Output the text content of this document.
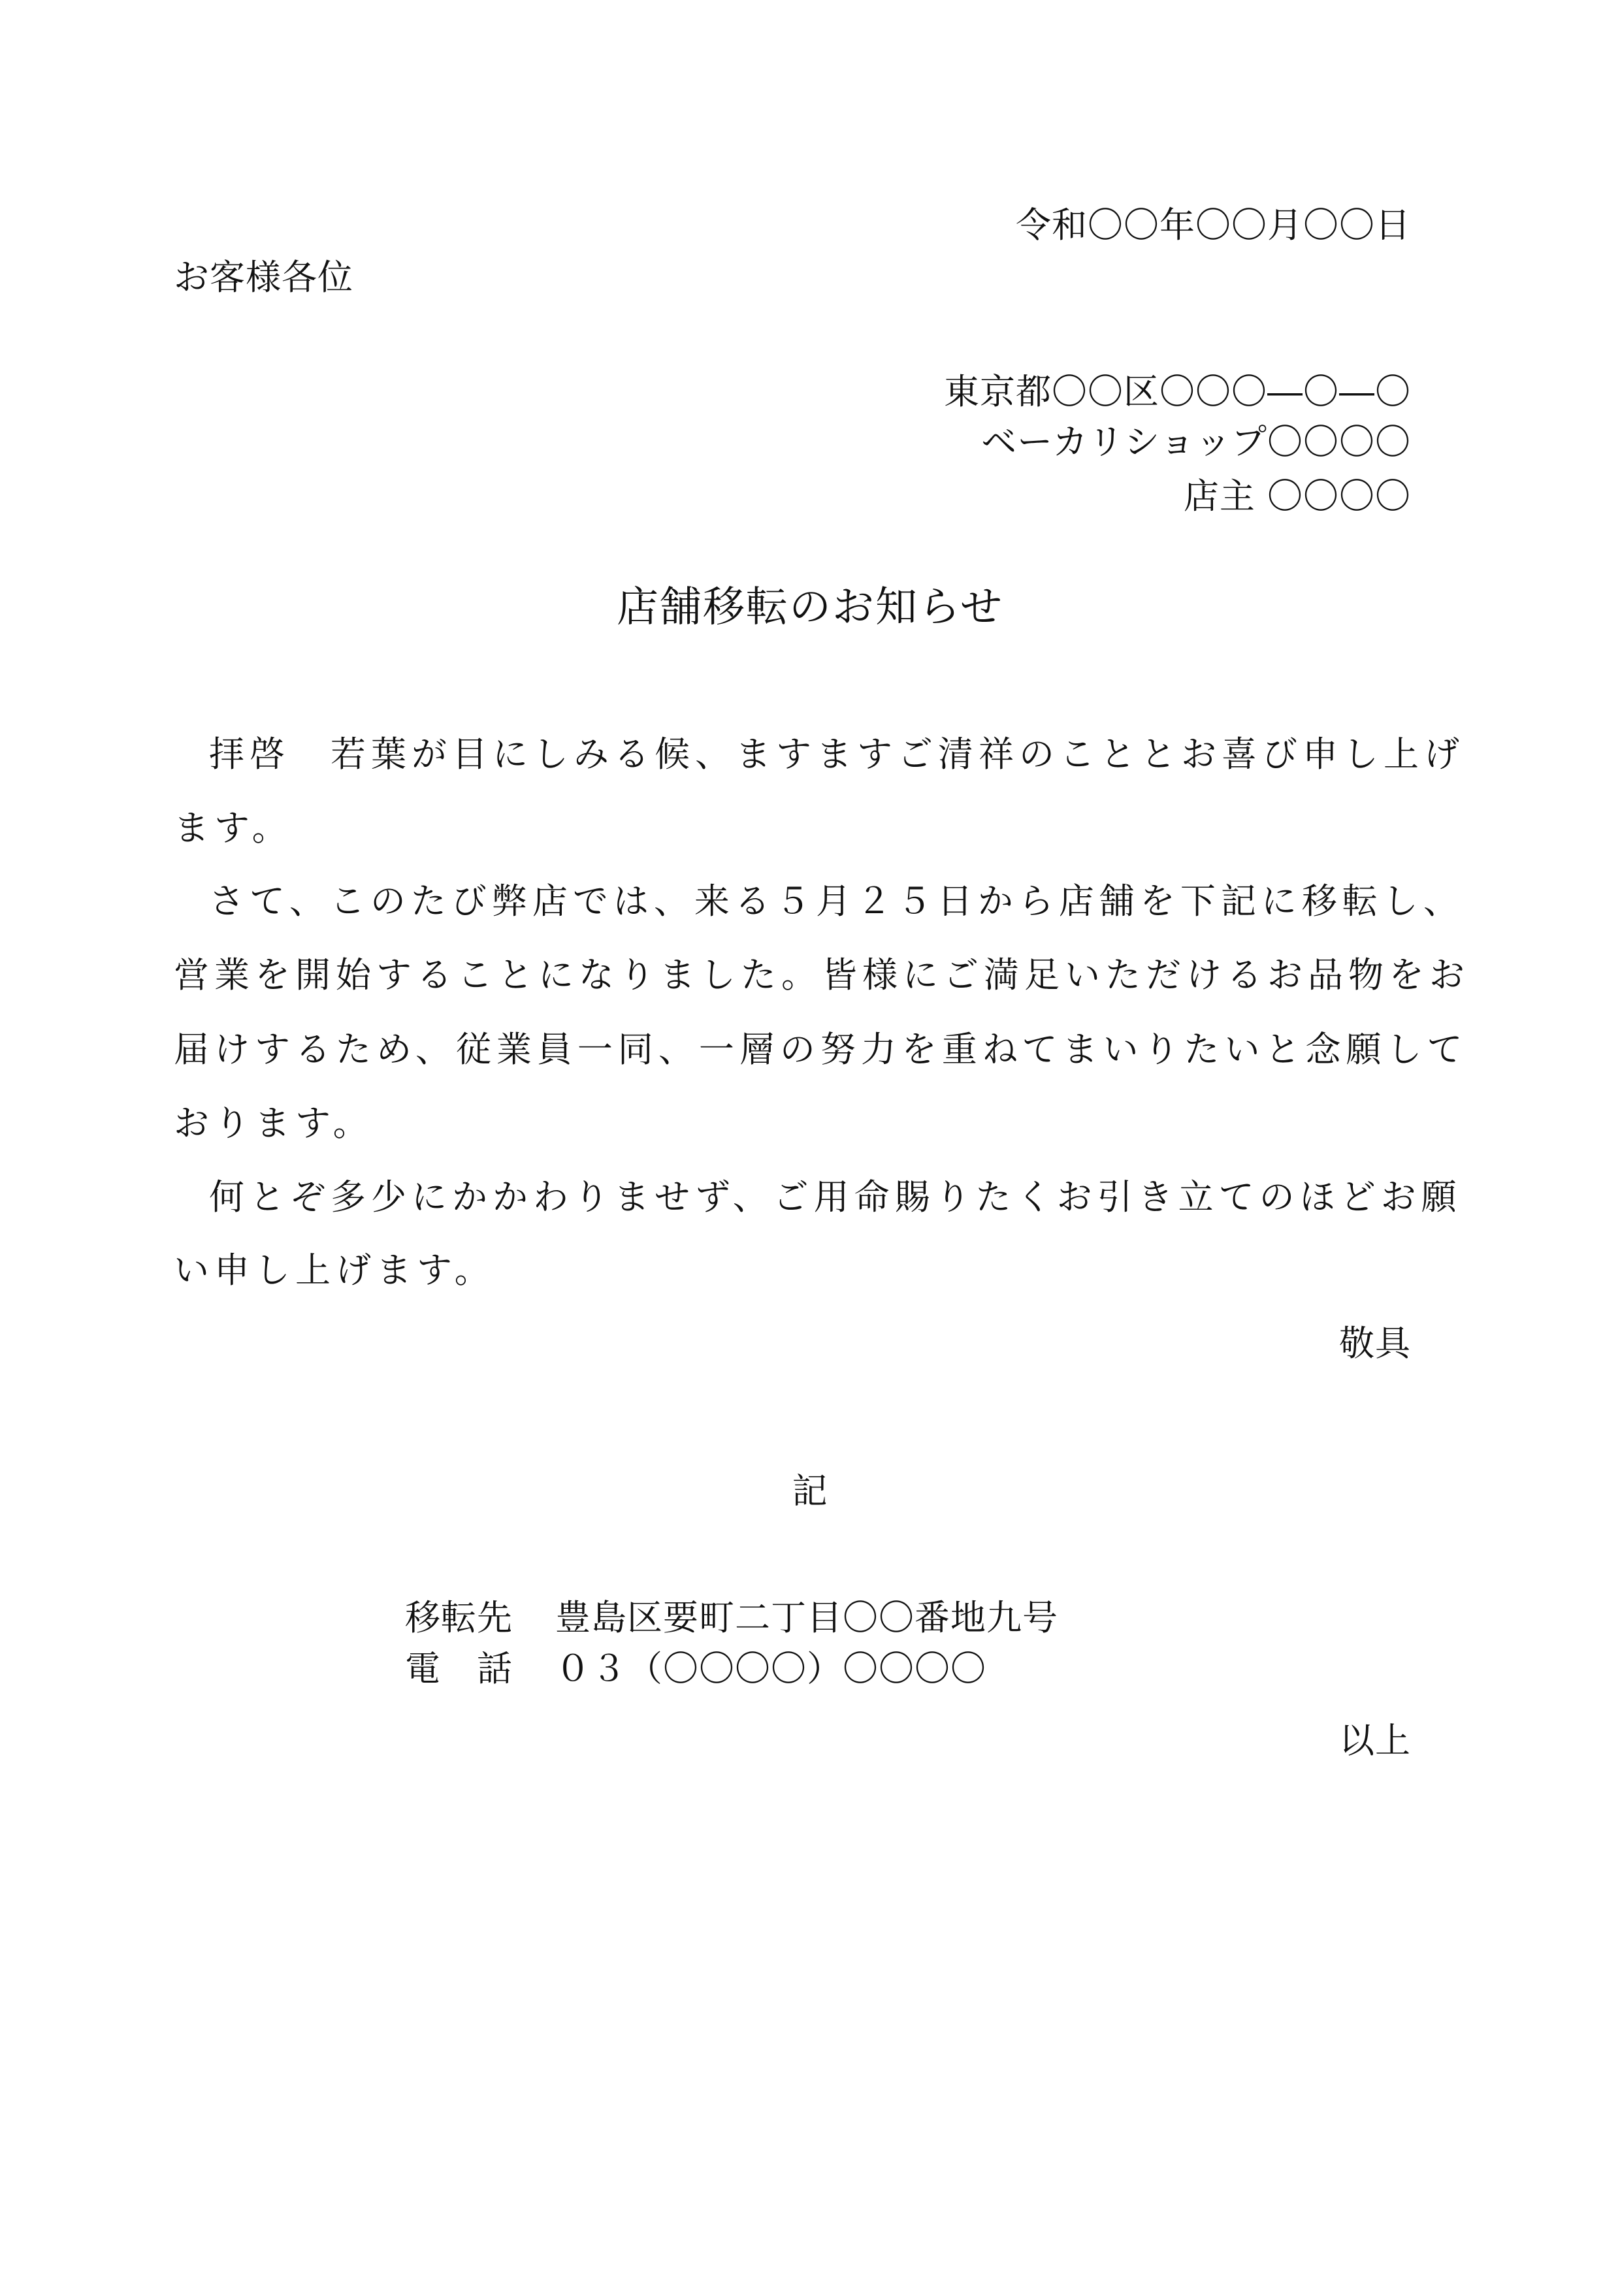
令和〇〇年〇〇月〇〇日
お客様各位
東京都〇〇区〇〇〇―〇―〇
ベーカリショップ〇〇〇〇
店主 〇〇〇〇
店舗移転のお知らせ
拝啓　若葉が目にしみる候、ますますご清祥のこととお喜び申し上げ
ます。
さて、このたび弊店では、来る５月２５日から店舗を下記に移転し、
営業を開始することになりました。皆様にご満足いただけるお品物をお
届けするため、従業員一同、一層の努力を重ねてまいりたいと念願して
おります。
何とぞ多少にかかわりませず、ご用命賜りたくお引き立てのほどお願
い申し上げます。
敬具
記
移転先 豊島区要町二丁目〇〇番地九号
電　話 ０３（〇〇〇〇）〇〇〇〇
以上
